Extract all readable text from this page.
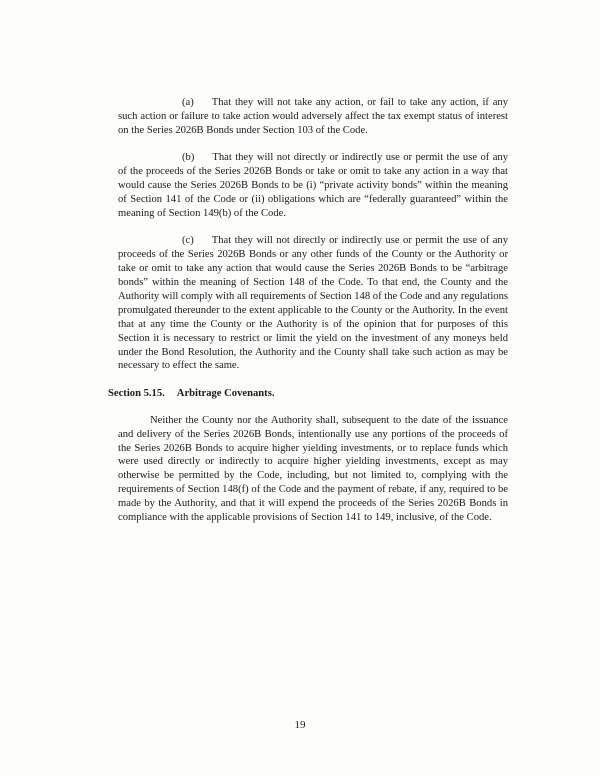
(a) That they will not take any action, or fail to take any action, if any such action or failure to take action would adversely affect the tax exempt status of interest on the Series 2026B Bonds under Section 103 of the Code.

(b) That they will not directly or indirectly use or permit the use of any of the proceeds of the Series 2026B Bonds or take or omit to take any action in a way that would cause the Series 2026B Bonds to be (i) “private activity bonds” within the meaning of Section 141 of the Code or (ii) obligations which are “federally guaranteed” within the meaning of Section 149(b) of the Code.

(c) That they will not directly or indirectly use or permit the use of any proceeds of the Series 2026B Bonds or any other funds of the County or the Authority or take or omit to take any action that would cause the Series 2026B Bonds to be “arbitrage bonds” within the meaning of Section 148 of the Code. To that end, the County and the Authority will comply with all requirements of Section 148 of the Code and any regulations promulgated thereunder to the extent applicable to the County or the Authority. In the event that at any time the County or the Authority is of the opinion that for purposes of this Section it is necessary to restrict or limit the yield on the investment of any moneys held under the Bond Resolution, the Authority and the County shall take such action as may be necessary to effect the same.

Section 5.15. Arbitrage Covenants.

Neither the County nor the Authority shall, subsequent to the date of the issuance and delivery of the Series 2026B Bonds, intentionally use any portions of the proceeds of the Series 2026B Bonds to acquire higher yielding investments, or to replace funds which were used directly or indirectly to acquire higher yielding investments, except as may otherwise be permitted by the Code, including, but not limited to, complying with the requirements of Section 148(f) of the Code and the payment of rebate, if any, required to be made by the Authority, and that it will expend the proceeds of the Series 2026B Bonds in compliance with the applicable provisions of Section 141 to 149, inclusive, of the Code.

19
